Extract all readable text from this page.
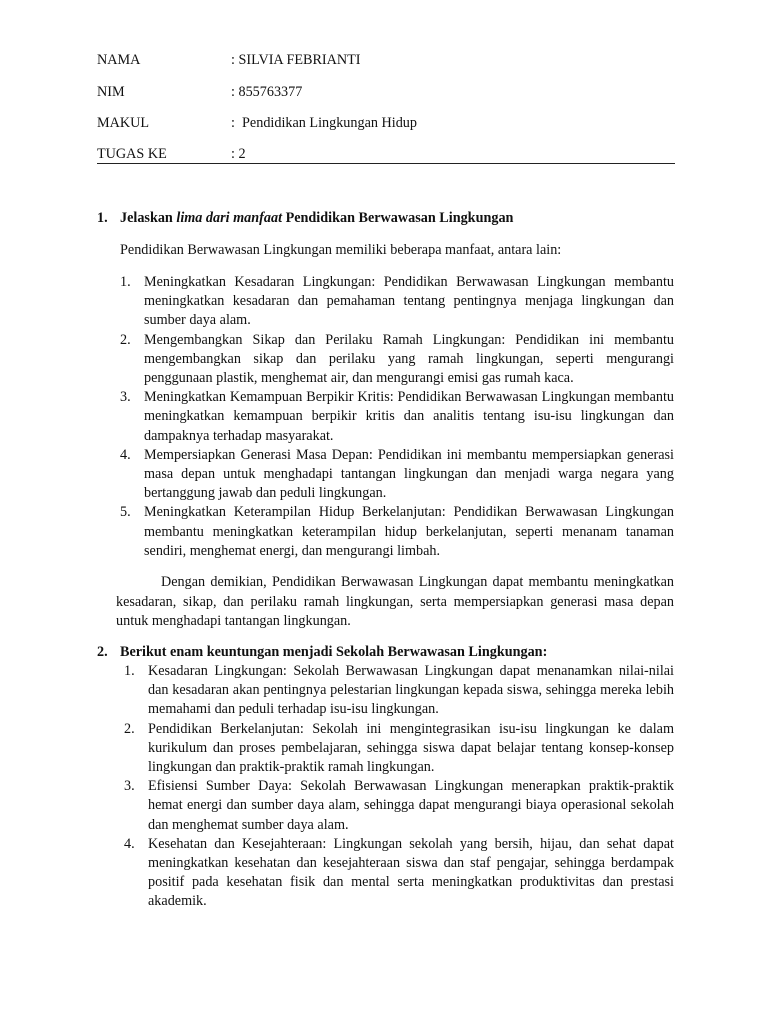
NAMA	: SILVIA FEBRIANTI
NIM	: 855763377
MAKUL	:  Pendidikan Lingkungan Hidup
TUGAS KE	: 2
1. Jelaskan lima dari manfaat Pendidikan Berwawasan Lingkungan
Pendidikan Berwawasan Lingkungan memiliki beberapa manfaat, antara lain:
1. Meningkatkan Kesadaran Lingkungan: Pendidikan Berwawasan Lingkungan membantu meningkatkan kesadaran dan pemahaman tentang pentingnya menjaga lingkungan dan sumber daya alam.
2. Mengembangkan Sikap dan Perilaku Ramah Lingkungan: Pendidikan ini membantu mengembangkan sikap dan perilaku yang ramah lingkungan, seperti mengurangi penggunaan plastik, menghemat air, dan mengurangi emisi gas rumah kaca.
3. Meningkatkan Kemampuan Berpikir Kritis: Pendidikan Berwawasan Lingkungan membantu meningkatkan kemampuan berpikir kritis dan analitis tentang isu-isu lingkungan dan dampaknya terhadap masyarakat.
4. Mempersiapkan Generasi Masa Depan: Pendidikan ini membantu mempersiapkan generasi masa depan untuk menghadapi tantangan lingkungan dan menjadi warga negara yang bertanggung jawab dan peduli lingkungan.
5. Meningkatkan Keterampilan Hidup Berkelanjutan: Pendidikan Berwawasan Lingkungan membantu meningkatkan keterampilan hidup berkelanjutan, seperti menanam tanaman sendiri, menghemat energi, dan mengurangi limbah.
Dengan demikian, Pendidikan Berwawasan Lingkungan dapat membantu meningkatkan kesadaran, sikap, dan perilaku ramah lingkungan, serta mempersiapkan generasi masa depan untuk menghadapi tantangan lingkungan.
2. Berikut enam keuntungan menjadi Sekolah Berwawasan Lingkungan:
1. Kesadaran Lingkungan: Sekolah Berwawasan Lingkungan dapat menanamkan nilai-nilai dan kesadaran akan pentingnya pelestarian lingkungan kepada siswa, sehingga mereka lebih memahami dan peduli terhadap isu-isu lingkungan.
2. Pendidikan Berkelanjutan: Sekolah ini mengintegrasikan isu-isu lingkungan ke dalam kurikulum dan proses pembelajaran, sehingga siswa dapat belajar tentang konsep-konsep lingkungan dan praktik-praktik ramah lingkungan.
3. Efisiensi Sumber Daya: Sekolah Berwawasan Lingkungan menerapkan praktik-praktik hemat energi dan sumber daya alam, sehingga dapat mengurangi biaya operasional sekolah dan menghemat sumber daya alam.
4. Kesehatan dan Kesejahteraan: Lingkungan sekolah yang bersih, hijau, dan sehat dapat meningkatkan kesehatan dan kesejahteraan siswa dan staf pengajar, sehingga berdampak positif pada kesehatan fisik dan mental serta meningkatkan produktivitas dan prestasi akademik.
